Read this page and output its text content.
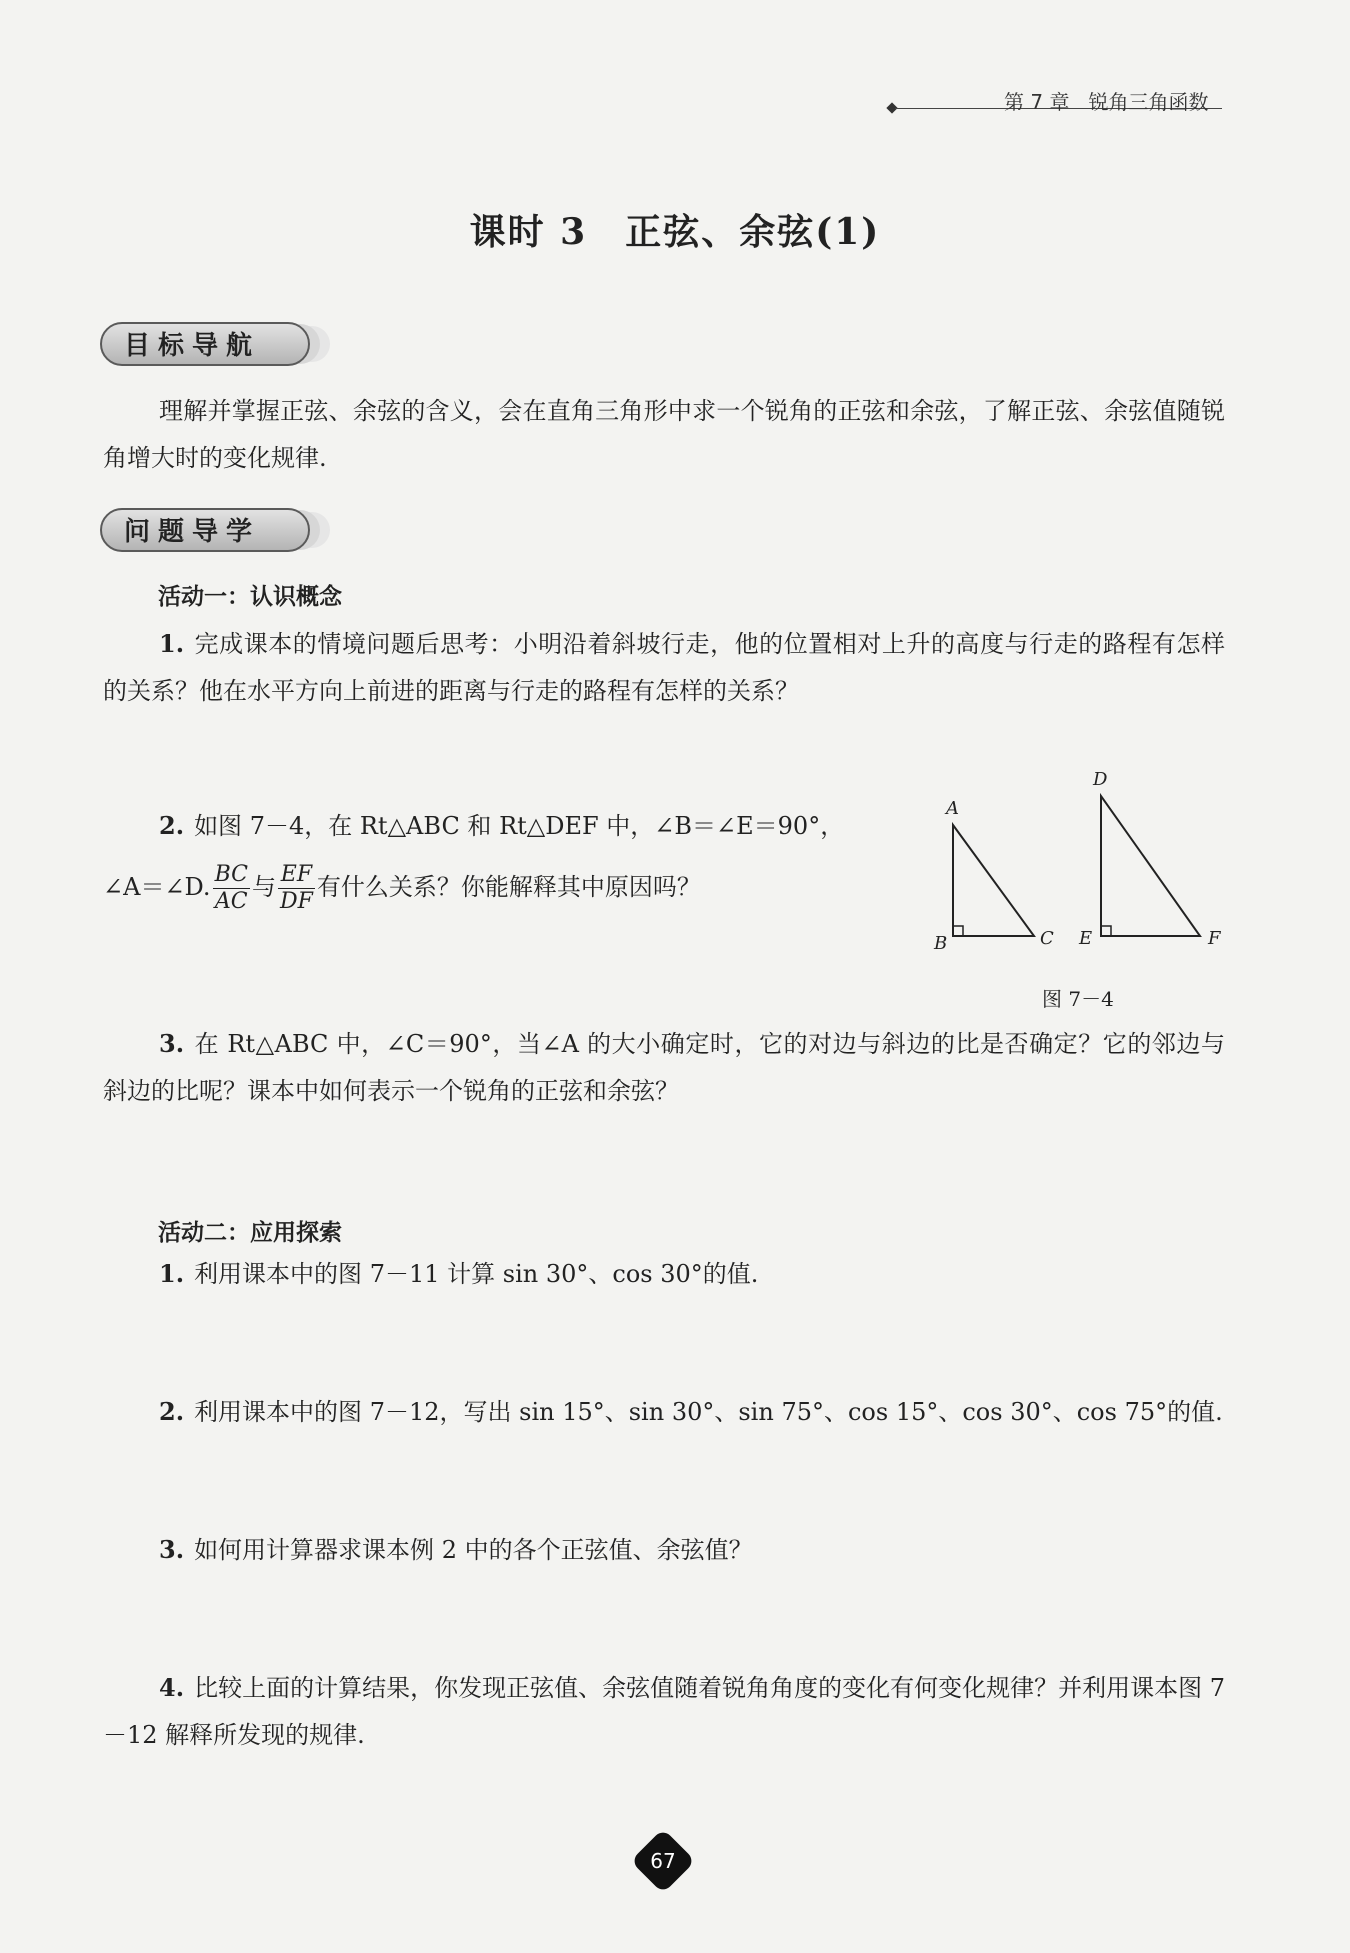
第 7 章 锐角三角函数
课时 3　正弦、余弦(1)
目标导航

理解并掌握正弦、余弦的含义，会在直角三角形中求一个锐角的正弦和余弦，了解正弦、余弦值随锐角增大时的变化规律.

问题导学
活动一：认识概念

1. 完成课本的情境问题后思考：小明沿着斜坡行走，他的位置相对上升的高度与行走的路程有怎样的关系？他在水平方向上前进的距离与行走的路程有怎样的关系？

2. 如图 7－4，在 Rt△ABC 和 Rt△DEF 中，∠B＝∠E＝90°，

∠A＝∠D. $\frac{BC}{AC}$ 与 $\frac{EF}{DF}$ 有什么关系？你能解释其中原因吗？

A
B	C
D
E	F
图 7－4

3. 在 Rt△ABC 中，∠C＝90°，当∠A 的大小确定时，它的对边与斜边的比是否确定？它的邻边与斜边的比呢？课本中如何表示一个锐角的正弦和余弦？

活动二：应用探索

1. 利用课本中的图 7－11 计算 sin 30°、cos 30°的值.

2. 利用课本中的图 7－12，写出 sin 15°、sin 30°、sin 75°、cos 15°、cos 30°、cos 75°的值.

3. 如何用计算器求课本例 2 中的各个正弦值、余弦值？

4. 比较上面的计算结果，你发现正弦值、余弦值随着锐角角度的变化有何变化规律？并利用课本图 7－12 解释所发现的规律.

67
